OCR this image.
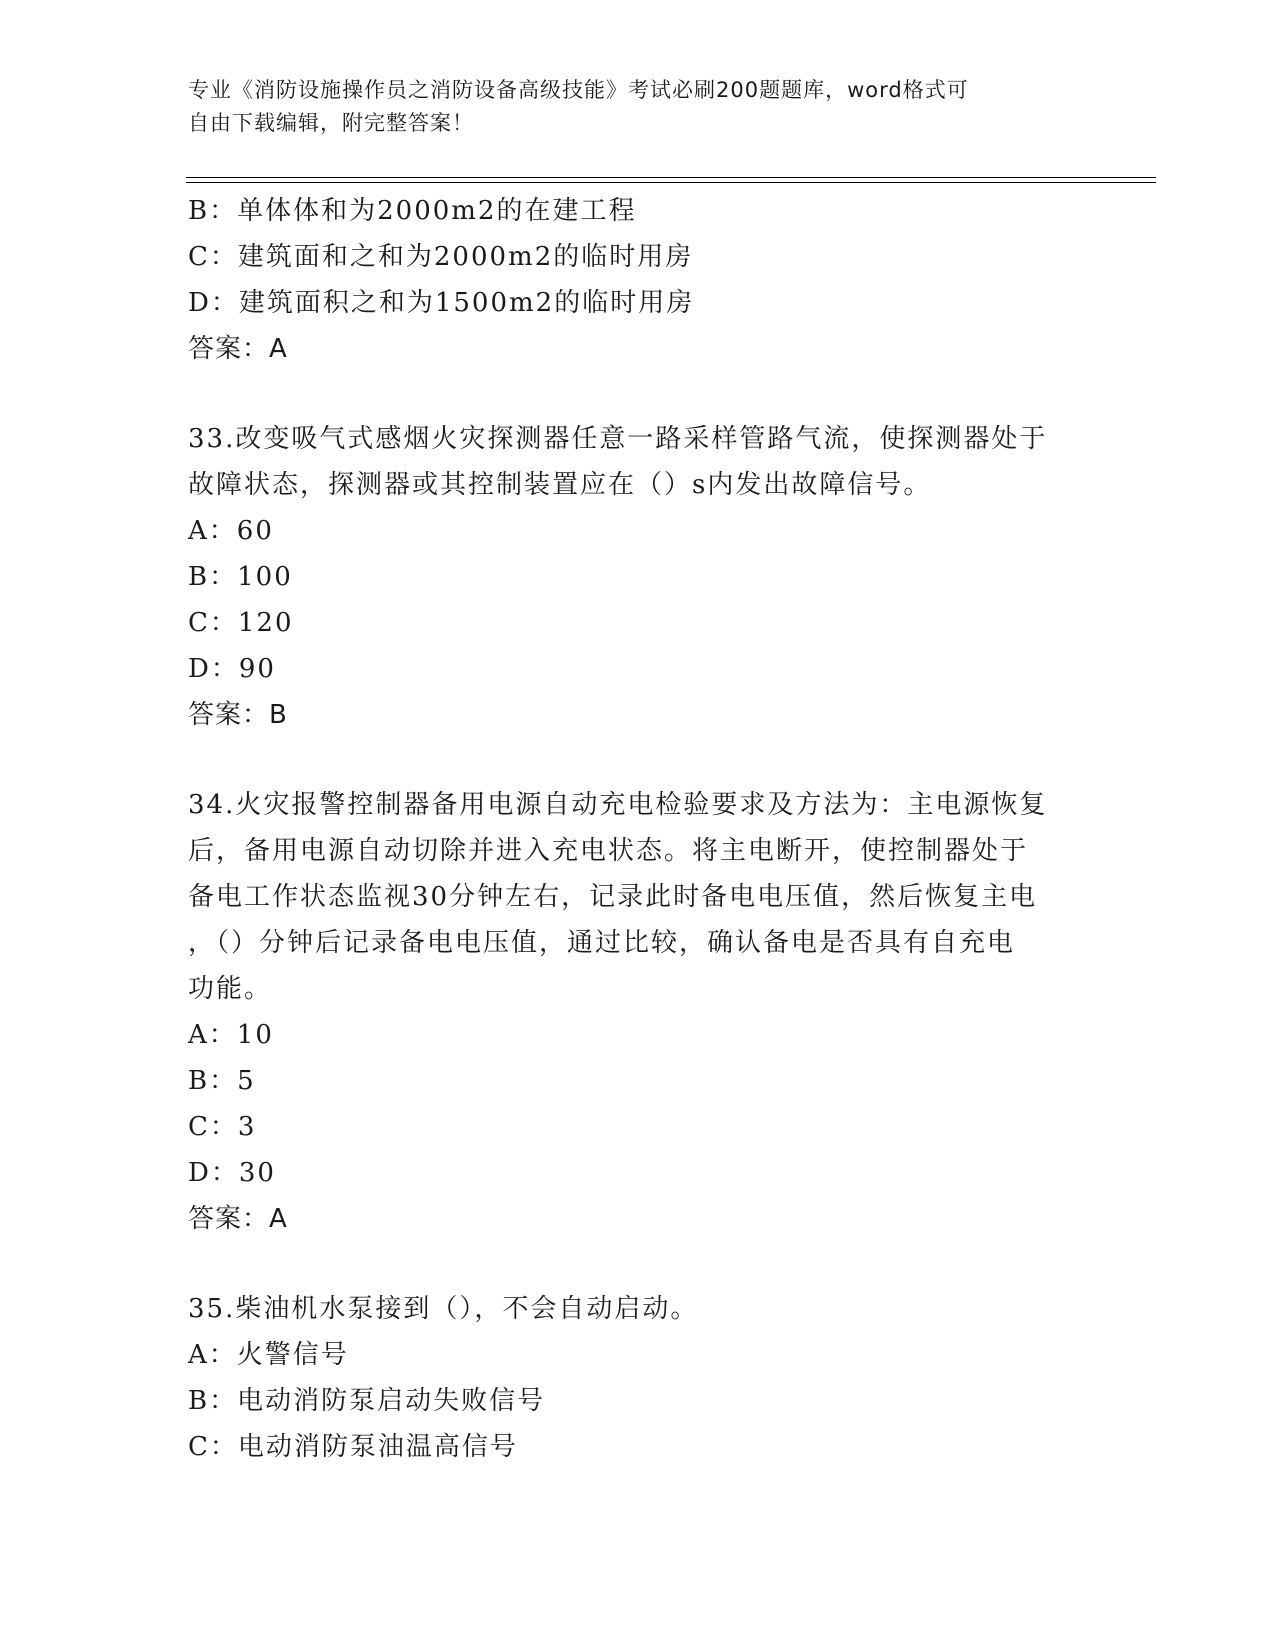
专业《消防设施操作员之消防设备高级技能》考试必刷200题题库，word格式可
自由下载编辑，附完整答案！
B：单体体和为2000m2的在建工程
C：建筑面和之和为2000m2的临时用房
D：建筑面积之和为1500m2的临时用房
答案：A
33.改变吸气式感烟火灾探测器任意一路采样管路气流，使探测器处于
故障状态，探测器或其控制装置应在（）s内发出故障信号。
A：60
B：100
C：120
D：90
答案：B
34.火灾报警控制器备用电源自动充电检验要求及方法为：主电源恢复
后，备用电源自动切除并进入充电状态。将主电断开，使控制器处于
备电工作状态监视30分钟左右，记录此时备电电压值，然后恢复主电
，（）分钟后记录备电电压值，通过比较，确认备电是否具有自充电
功能。
A：10
B：5
C：3
D：30
答案：A
35.柴油机水泵接到（），不会自动启动。
A：火警信号
B：电动消防泵启动失败信号
C：电动消防泵油温高信号
